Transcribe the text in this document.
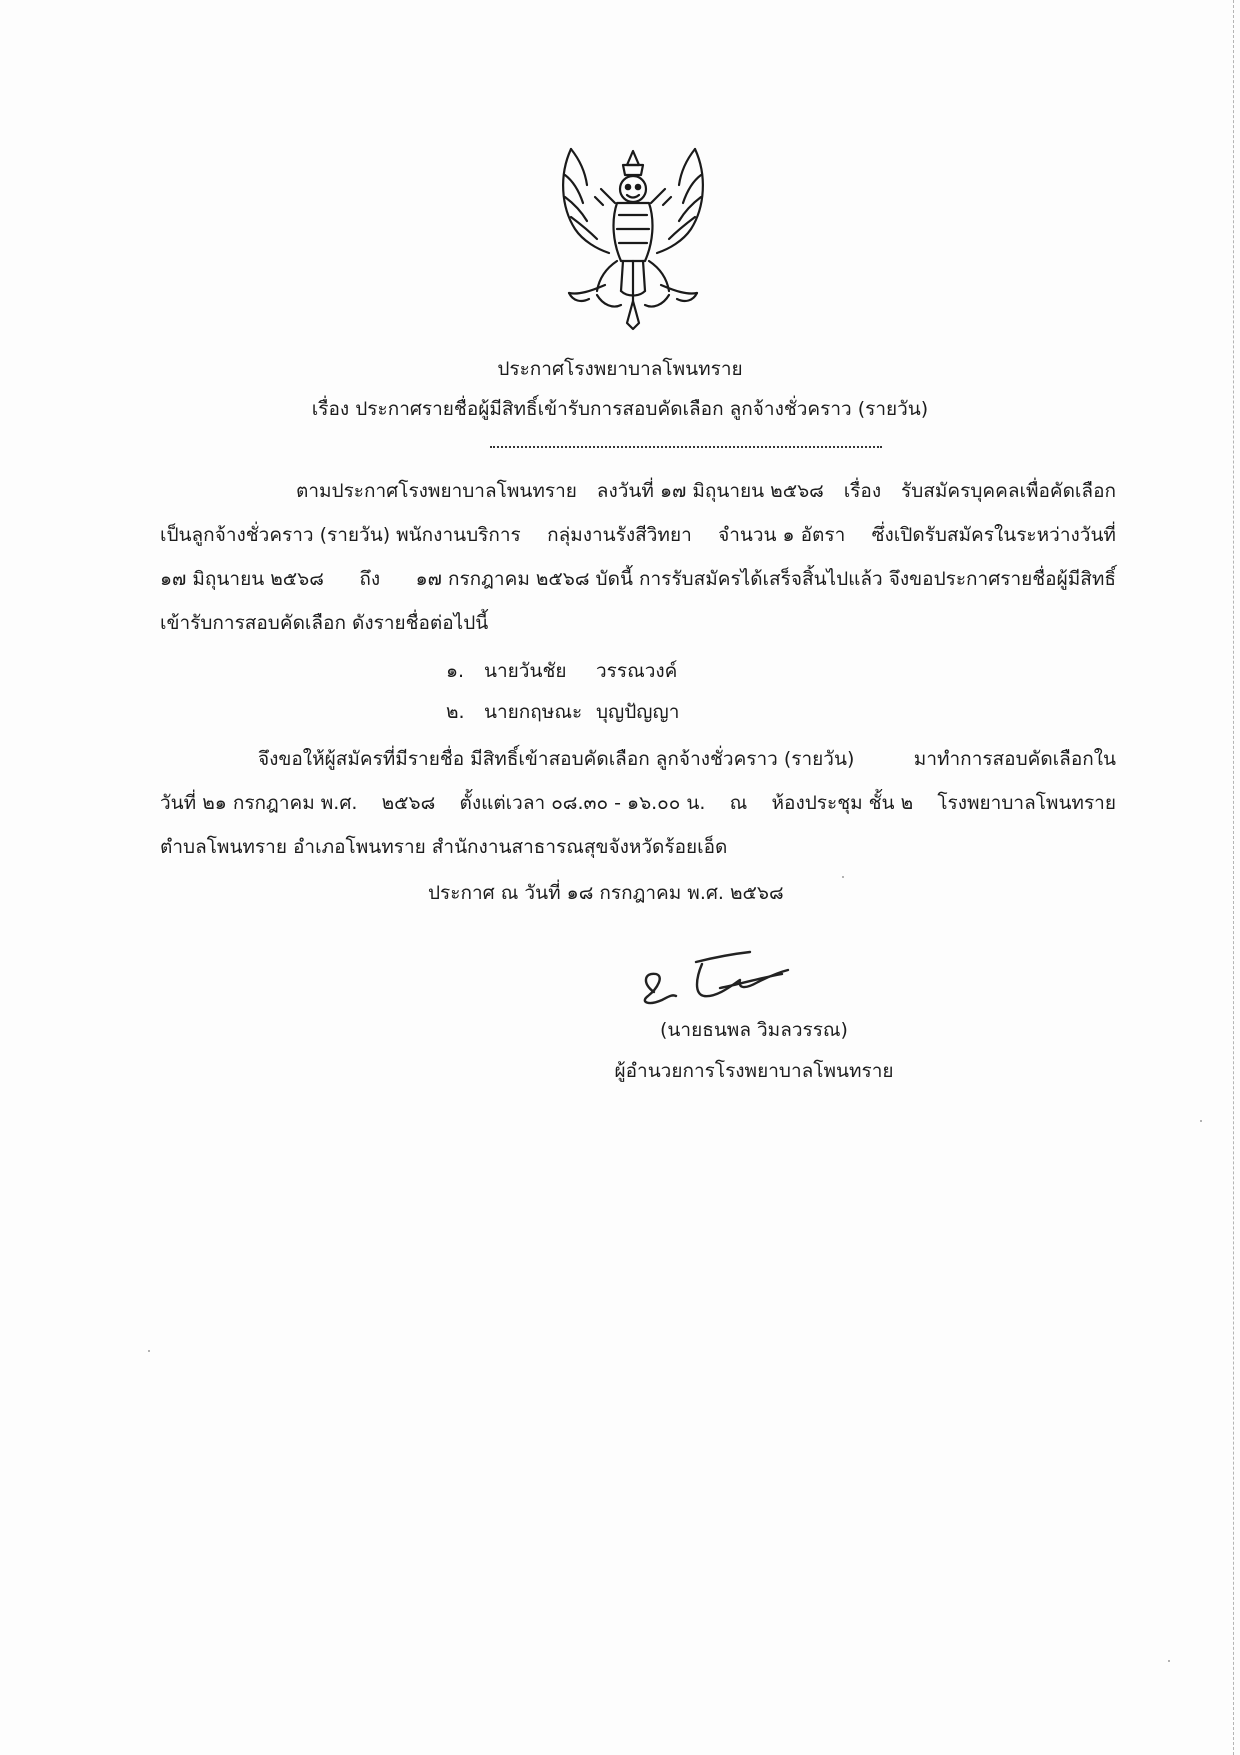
ประกาศโรงพยาบาลโพนทราย
เรื่อง ประกาศรายชื่อผู้มีสิทธิ์เข้ารับการสอบคัดเลือก ลูกจ้างชั่วคราว (รายวัน)
ตามประกาศโรงพยาบาลโพนทราย ลงวันที่ ๑๗ มิถุนายน ๒๕๖๘ เรื่อง รับสมัครบุคคลเพื่อคัดเลือก
เป็นลูกจ้างชั่วคราว (รายวัน) พนักงานบริการ กลุ่มงานรังสีวิทยา จำนวน ๑ อัตรา ซึ่งเปิดรับสมัครในระหว่างวันที่
๑๗ มิถุนายน ๒๕๖๘ ถึง ๑๗ กรกฎาคม ๒๕๖๘ บัดนี้ การรับสมัครได้เสร็จสิ้นไปแล้ว จึงขอประกาศรายชื่อผู้มีสิทธิ์
เข้ารับการสอบคัดเลือก ดังรายชื่อต่อไปนี้
๑. นายวันชัย วรรณวงค์
๒. นายกฤษณะ บุญปัญญา
จึงขอให้ผู้สมัครที่มีรายชื่อ มีสิทธิ์เข้าสอบคัดเลือก ลูกจ้างชั่วคราว (รายวัน)	มาทำการสอบคัดเลือกใน
วันที่ ๒๑ กรกฎาคม พ.ศ. ๒๕๖๘ ตั้งแต่เวลา ๐๘.๓๐ - ๑๖.๐๐ น. ณ ห้องประชุม ชั้น ๒ โรงพยาบาลโพนทราย
ตำบลโพนทราย อำเภอโพนทราย สำนักงานสาธารณสุขจังหวัดร้อยเอ็ด
ประกาศ ณ วันที่ ๑๘ กรกฎาคม พ.ศ. ๒๕๖๘
(นายธนพล วิมลวรรณ)
ผู้อำนวยการโรงพยาบาลโพนทราย
